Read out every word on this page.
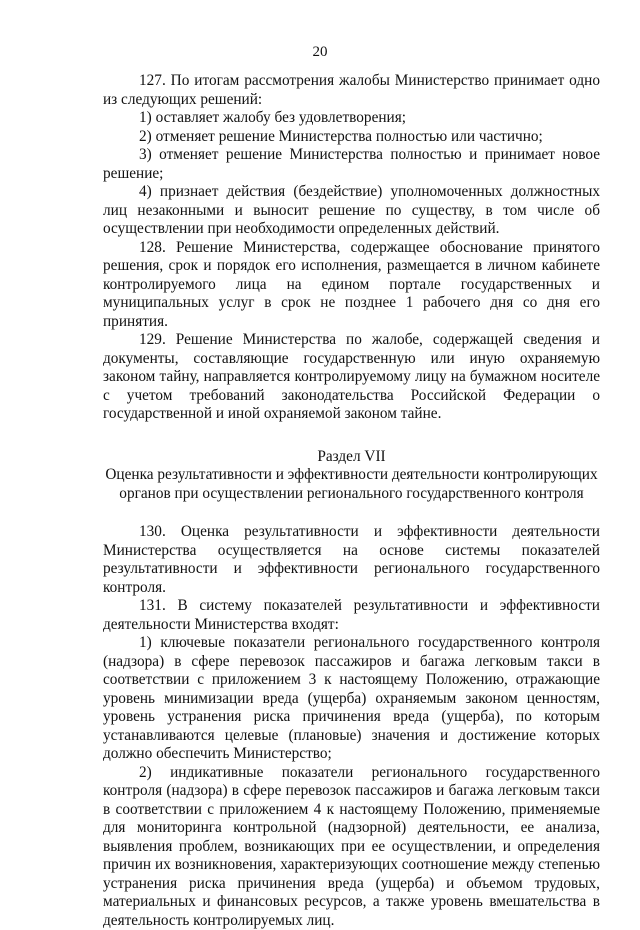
20

127. По итогам рассмотрения жалобы Министерство принимает одно из следующих решений:

1) оставляет жалобу без удовлетворения;

2) отменяет решение Министерства полностью или частично;

3) отменяет решение Министерства полностью и принимает новое решение;

4) признает действия (бездействие) уполномоченных должностных лиц незаконными и выносит решение по существу, в том числе об осуществлении при необходимости определенных действий.

128. Решение Министерства, содержащее обоснование принятого решения, срок и порядок его исполнения, размещается в личном кабинете контролируемого лица на едином портале государственных и муниципальных услуг в срок не позднее 1 рабочего дня со дня его принятия.

129. Решение Министерства по жалобе, содержащей сведения и документы, составляющие государственную или иную охраняемую законом тайну, направляется контролируемому лицу на бумажном носителе с учетом требований законодательства Российской Федерации о государственной и иной охраняемой законом тайне.

Раздел VII

Оценка результативности и эффективности деятельности контролирующих органов при осуществлении регионального государственного контроля

130. Оценка результативности и эффективности деятельности Министерства осуществляется на основе системы показателей результативности и эффективности регионального государственного контроля.

131. В систему показателей результативности и эффективности деятельности Министерства входят:

1) ключевые показатели регионального государственного контроля (надзора) в сфере перевозок пассажиров и багажа легковым такси в соответствии с приложением 3 к настоящему Положению, отражающие уровень минимизации вреда (ущерба) охраняемым законом ценностям, уровень устранения риска причинения вреда (ущерба), по которым устанавливаются целевые (плановые) значения и достижение которых должно обеспечить Министерство;

2) индикативные показатели регионального государственного контроля (надзора) в сфере перевозок пассажиров и багажа легковым такси в соответствии с приложением 4 к настоящему Положению, применяемые для мониторинга контрольной (надзорной) деятельности, ее анализа, выявления проблем, возникающих при ее осуществлении, и определения причин их возникновения, характеризующих соотношение между степенью устранения риска причинения вреда (ущерба) и объемом трудовых, материальных и финансовых ресурсов, а также уровень вмешательства в деятельность контролируемых лиц.
